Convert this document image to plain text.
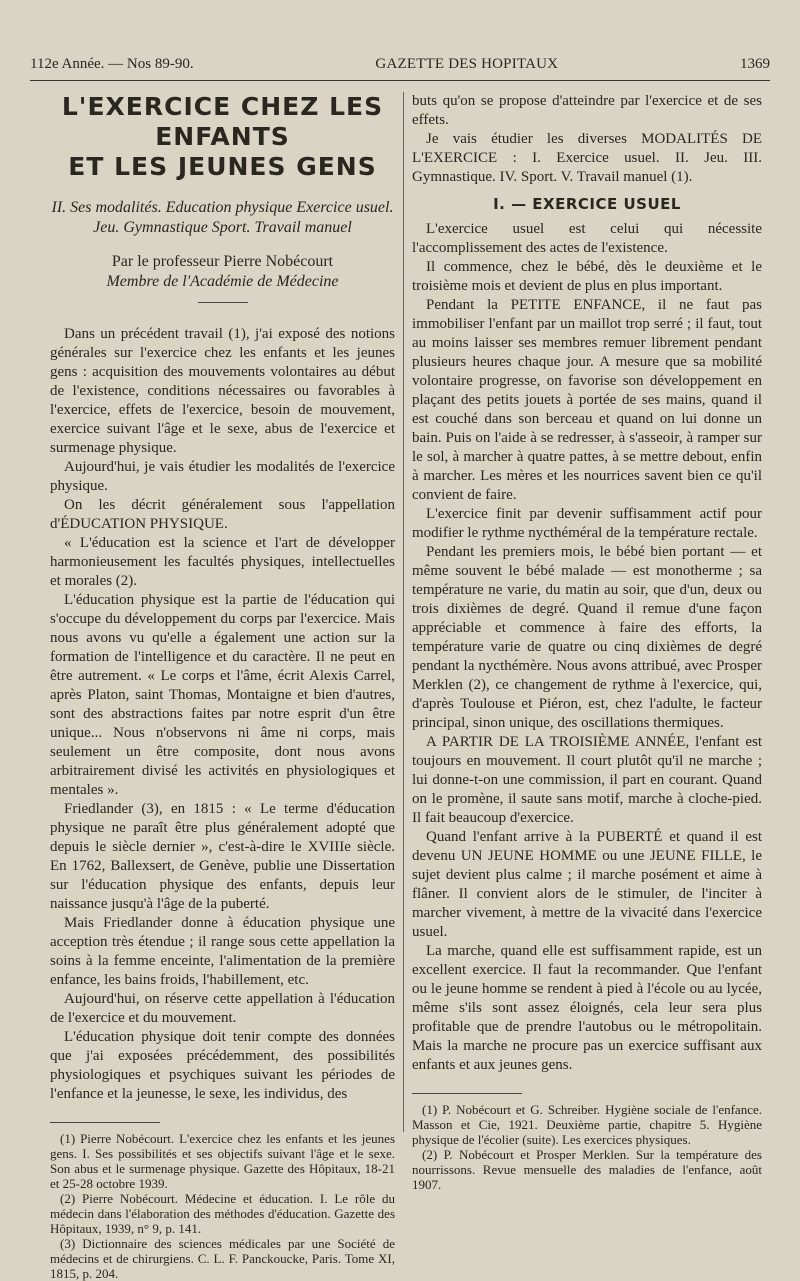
112e Année. — Nos 89-90.	GAZETTE DES HOPITAUX	1369
L'EXERCICE CHEZ LES ENFANTS
ET LES JEUNES GENS
II. Ses modalités. Education physique Exercice usuel. Jeu. Gymnastique Sport. Travail manuel
Par le professeur Pierre Nobécourt
Membre de l'Académie de Médecine

Dans un précédent travail (1), j'ai exposé des notions générales sur l'exercice chez les enfants et les jeunes gens : acquisition des mouvements volontaires au début de l'existence, conditions nécessaires ou favorables à l'exercice, effets de l'exercice, besoin de mouvement, exercice suivant l'âge et le sexe, abus de l'exercice et surmenage physique.

Aujourd'hui, je vais étudier les modalités de l'exercice physique.

On les décrit généralement sous l'appellation d'ÉDUCATION PHYSIQUE.

« L'éducation est la science et l'art de développer harmonieusement les facultés physiques, intellectuelles et morales (2).

L'éducation physique est la partie de l'éducation qui s'occupe du développement du corps par l'exercice. Mais nous avons vu qu'elle a également une action sur la formation de l'intelligence et du caractère. Il ne peut en être autrement. « Le corps et l'âme, écrit Alexis Carrel, après Platon, saint Thomas, Montaigne et bien d'autres, sont des abstractions faites par notre esprit d'un être unique... Nous n'observons ni âme ni corps, mais seulement un être composite, dont nous avons arbitrairement divisé les activités en physiologiques et mentales ».

Friedlander (3), en 1815 : « Le terme d'éducation physique ne paraît être plus généralement adopté que depuis le siècle dernier », c'est-à-dire le XVIIIe siècle. En 1762, Ballexsert, de Genève, publie une Dissertation sur l'éducation physique des enfants, depuis leur naissance jusqu'à l'âge de la puberté.

Mais Friedlander donne à éducation physique une acception très étendue ; il range sous cette appellation la soins à la femme enceinte, l'alimentation de la première enfance, les bains froids, l'habillement, etc.

Aujourd'hui, on réserve cette appellation à l'éducation de l'exercice et du mouvement.

L'éducation physique doit tenir compte des données que j'ai exposées précédemment, des possibilités physiologiques et psychiques suivant les périodes de l'enfance et la jeunesse, le sexe, les individus, des

(1) Pierre Nobécourt. L'exercice chez les enfants et les jeunes gens. I. Ses possibilités et ses objectifs suivant l'âge et le sexe. Son abus et le surmenage physique. Gazette des Hôpitaux, 18-21 et 25-28 octobre 1939.

(2) Pierre Nobécourt. Médecine et éducation. I. Le rôle du médecin dans l'élaboration des méthodes d'éducation. Gazette des Hôpitaux, 1939, n° 9, p. 141.

(3) Dictionnaire des sciences médicales par une Société de médecins et de chirurgiens. C. L. F. Panckoucke, Paris. Tome XI, 1815, p. 204.

buts qu'on se propose d'atteindre par l'exercice et de ses effets.

Je vais étudier les diverses MODALITÉS DE L'EXERCICE : I. Exercice usuel. II. Jeu. III. Gymnastique. IV. Sport. V. Travail manuel (1).

I. — EXERCICE USUEL

L'exercice usuel est celui qui nécessite l'accomplissement des actes de l'existence.

Il commence, chez le bébé, dès le deuxième et le troisième mois et devient de plus en plus important.

Pendant la PETITE ENFANCE, il ne faut pas immobiliser l'enfant par un maillot trop serré ; il faut, tout au moins laisser ses membres remuer librement pendant plusieurs heures chaque jour. A mesure que sa mobilité volontaire progresse, on favorise son développement en plaçant des petits jouets à portée de ses mains, quand il est couché dans son berceau et quand on lui donne un bain. Puis on l'aide à se redresser, à s'asseoir, à ramper sur le sol, à marcher à quatre pattes, à se mettre debout, enfin à marcher. Les mères et les nourrices savent bien ce qu'il convient de faire.

L'exercice finit par devenir suffisamment actif pour modifier le rythme nycthéméral de la température rectale.

Pendant les premiers mois, le bébé bien portant — et même souvent le bébé malade — est monotherme ; sa température ne varie, du matin au soir, que d'un, deux ou trois dixièmes de degré. Quand il remue d'une façon appréciable et commence à faire des efforts, la température varie de quatre ou cinq dixièmes de degré pendant la nycthémère. Nous avons attribué, avec Prosper Merklen (2), ce changement de rythme à l'exercice, qui, d'après Toulouse et Piéron, est, chez l'adulte, le facteur principal, sinon unique, des oscillations thermiques.

A PARTIR DE LA TROISIÈME ANNÉE, l'enfant est toujours en mouvement. Il court plutôt qu'il ne marche ; lui donne-t-on une commission, il part en courant. Quand on le promène, il saute sans motif, marche à cloche-pied. Il fait beaucoup d'exercice.

Quand l'enfant arrive à la PUBERTÉ et quand il est devenu UN JEUNE HOMME ou une JEUNE FILLE, le sujet devient plus calme ; il marche posément et aime à flâner. Il convient alors de le stimuler, de l'inciter à marcher vivement, à mettre de la vivacité dans l'exercice usuel.

La marche, quand elle est suffisamment rapide, est un excellent exercice. Il faut la recommander. Que l'enfant ou le jeune homme se rendent à pied à l'école ou au lycée, même s'ils sont assez éloignés, cela leur sera plus profitable que de prendre l'autobus ou le métropolitain. Mais la marche ne procure pas un exercice suffisant aux enfants et aux jeunes gens.

(1) P. Nobécourt et G. Schreiber. Hygiène sociale de l'enfance. Masson et Cie, 1921. Deuxième partie, chapitre 5. Hygiène physique de l'écolier (suite). Les exercices physiques.

(2) P. Nobécourt et Prosper Merklen. Sur la température des nourrissons. Revue mensuelle des maladies de l'enfance, août 1907.
